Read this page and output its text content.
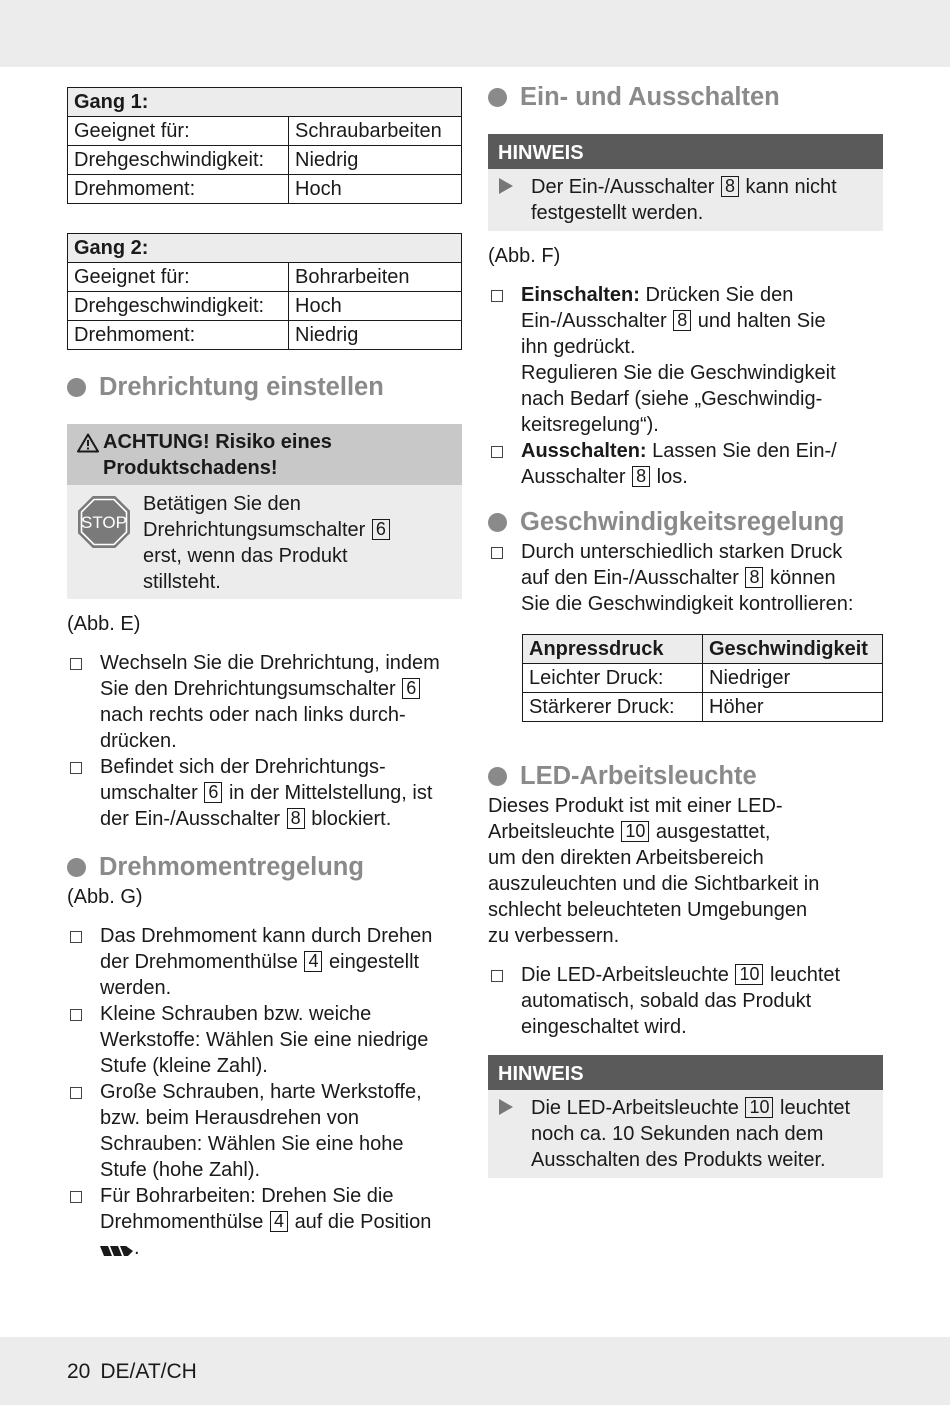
Gang 1:	
Geeignet für:	Schraubarbeiten
Drehgeschwindigkeit:	Niedrig
Drehmoment:	Hoch
Gang 2:	
Geeignet für:	Bohrarbeiten
Drehgeschwindigkeit:	Hoch
Drehmoment:	Niedrig
Drehrichtung einstellen
ACHTUNG! Risiko eines
Produktschadens!
STOP
Betätigen Sie den
Drehrichtungsumschalter 6
erst, wenn das Produkt
stillsteht.

(Abb. E)

Wechseln Sie die Drehrichtung, indem
Sie den Drehrichtungsumschalter 6
nach rechts oder nach links durch-
drücken.
Befindet sich der Drehrichtungs-
umschalter 6 in der Mittelstellung, ist
der Ein-/Ausschalter 8 blockiert.
Drehmomentregelung

(Abb. G)

Das Drehmoment kann durch Drehen
der Drehmomenthülse 4 eingestellt
werden.
Kleine Schrauben bzw. weiche
Werkstoffe: Wählen Sie eine niedrige
Stufe (kleine Zahl).
Große Schrauben, harte Werkstoffe,
bzw. beim Herausdrehen von
Schrauben: Wählen Sie eine hohe
Stufe (hohe Zahl).
Für Bohrarbeiten: Drehen Sie die
Drehmomenthülse 4 auf die Position
.
Ein- und Ausschalten
HINWEIS
Der Ein-/Ausschalter 8 kann nicht
festgestellt werden.

(Abb. F)

Einschalten: Drücken Sie den
Ein-/Ausschalter 8 und halten Sie
ihn gedrückt.
Regulieren Sie die Geschwindigkeit
nach Bedarf (siehe „Geschwindig-
keitsregelung“).
Ausschalten: Lassen Sie den Ein-/
Ausschalter 8 los.
Geschwindigkeitsregelung
Durch unterschiedlich starken Druck
auf den Ein-/Ausschalter 8 können
Sie die Geschwindigkeit kontrollieren:
Anpressdruck	Geschwindigkeit
Leichter Druck:	Niedriger
Stärkerer Druck:	Höher
LED-Arbeitsleuchte

Dieses Produkt ist mit einer LED-
Arbeitsleuchte 10 ausgestattet,
um den direkten Arbeitsbereich
auszuleuchten und die Sichtbarkeit in
schlecht beleuchteten Umgebungen
zu verbessern.

Die LED-Arbeitsleuchte 10 leuchtet
automatisch, sobald das Produkt
eingeschaltet wird.
HINWEIS
Die LED-Arbeitsleuchte 10 leuchtet
noch ca. 10 Sekunden nach dem
Ausschalten des Produkts weiter.
20 DE/AT/CH
